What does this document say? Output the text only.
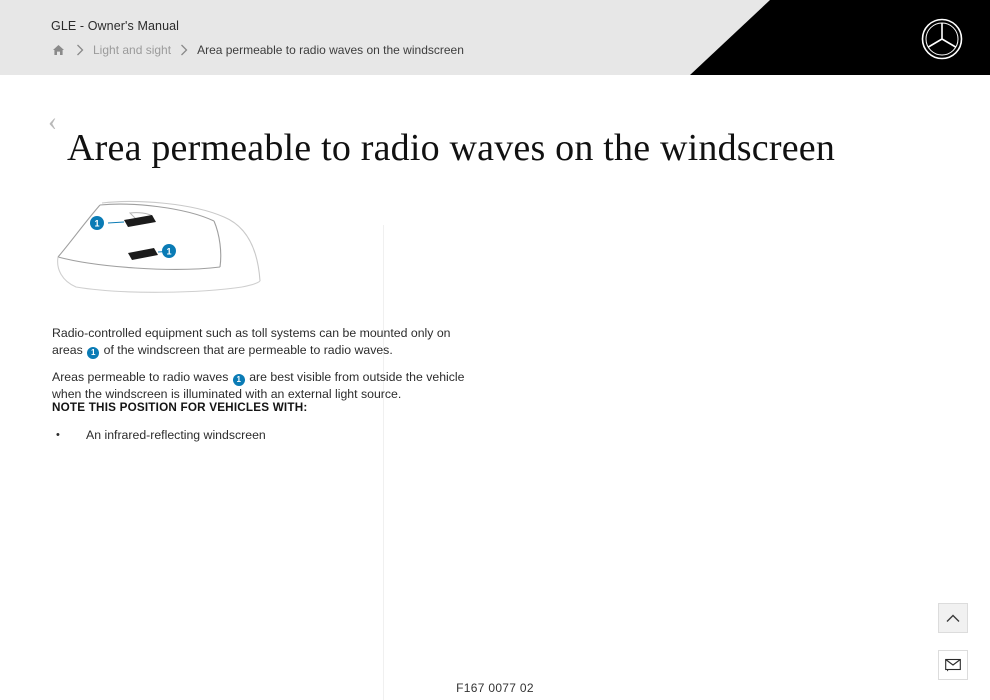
GLE - Owner's Manual
Light and sight Area permeable to radio waves on the windscreen
‹
Area permeable to radio waves on the windscreen
1
1

Radio-controlled equipment such as toll systems can be mounted only on areas 1 of the windscreen that are permeable to radio waves.

Areas permeable to radio waves 1 are best visible from outside the vehicle when the windscreen is illuminated with an external light source.

NOTE THIS POSITION FOR VEHICLES WITH:
•	An infrared-reflecting windscreen
F167 0077 02
